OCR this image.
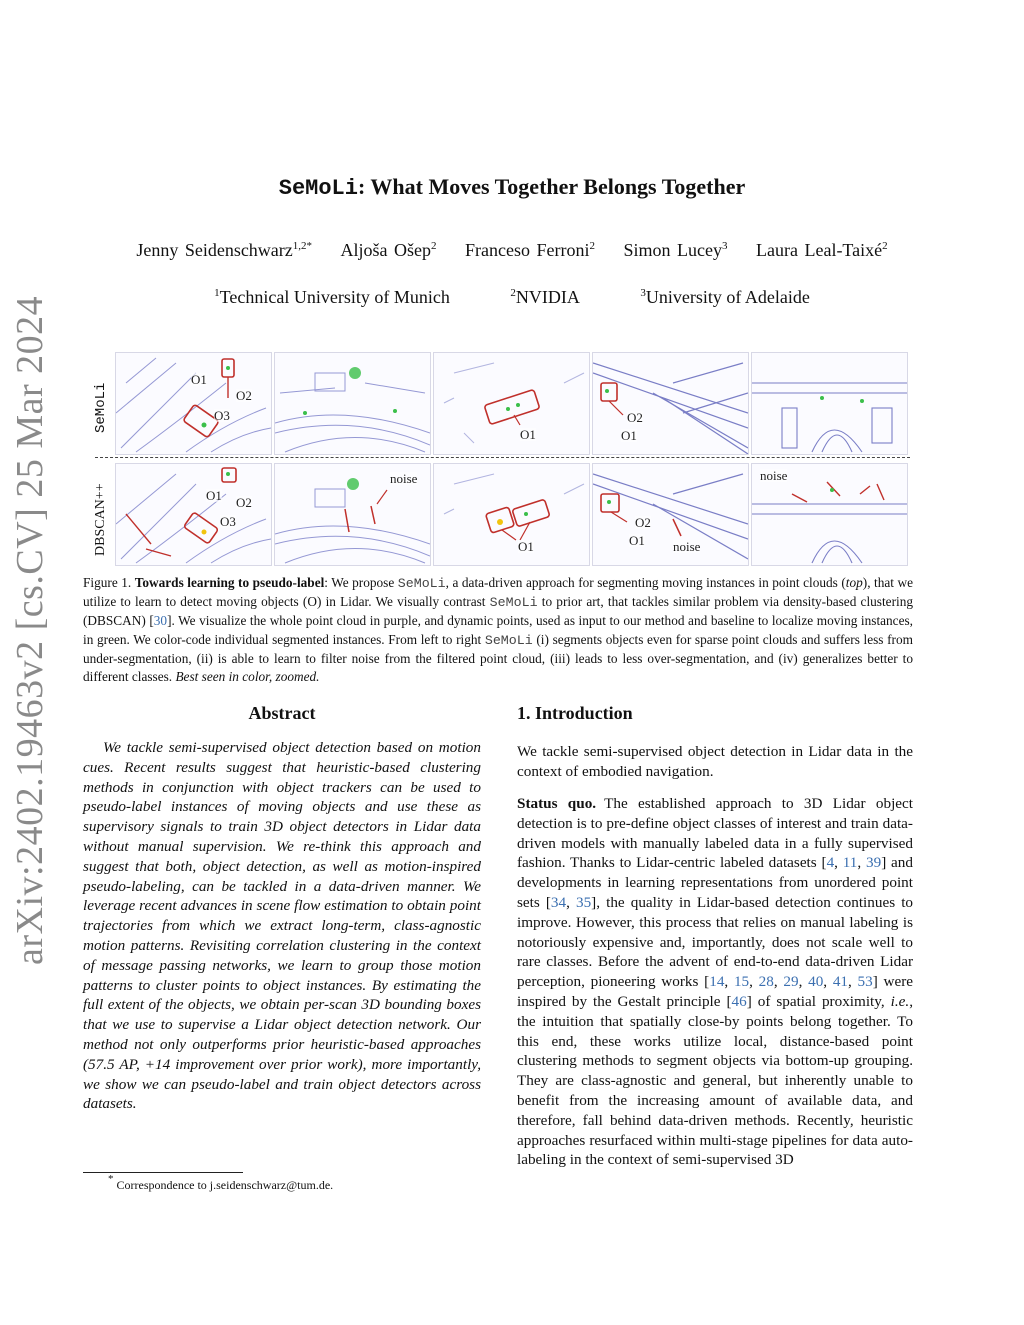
arXiv:2402.19463v2 [cs.CV] 25 Mar 2024
SeMoLi: What Moves Together Belongs Together
Jenny Seidenschwarz$^{1,2*}$ Aljoša Ošep$^2$ Franceso Ferroni$^2$ Simon Lucey$^3$ Laura Leal-Taixé$^2$
$^1$Technical University of Munich	$^2$NVIDIA	$^3$University of Adelaide
SeMoLi
DBSCAN++
O1
O2
O3
O1
O2
O1
O1 O2
O3
noise
O1
O2
O1 noise
noise
Figure 1. Towards learning to pseudo-label: We propose SeMoLi, a data-driven approach for segmenting moving instances in point clouds (top), that we utilize to learn to detect moving objects (O) in Lidar. We visually contrast SeMoLi to prior art, that tackles similar problem via density-based clustering (DBSCAN) [30]. We visualize the whole point cloud in purple, and dynamic points, used as input to our method and baseline to localize moving instances, in green. We color-code individual segmented instances. From left to right SeMoLi (i) segments objects even for sparse point clouds and suffers less from under-segmentation, (ii) is able to learn to filter noise from the filtered point cloud, (iii) leads to less over-segmentation, and (iv) generalizes better to different classes. Best seen in color, zoomed.
Abstract
We tackle semi-supervised object detection based on motion cues. Recent results suggest that heuristic-based clustering methods in conjunction with object trackers can be used to pseudo-label instances of moving objects and use these as supervisory signals to train 3D object detectors in Lidar data without manual supervision. We re-think this approach and suggest that both, object detection, as well as motion-inspired pseudo-labeling, can be tackled in a data-driven manner. We leverage recent advances in scene flow estimation to obtain point trajectories from which we extract long-term, class-agnostic motion patterns. Revisiting correlation clustering in the context of message passing networks, we learn to group those motion patterns to cluster points to object instances. By estimating the full extent of the objects, we obtain per-scan 3D bounding boxes that we use to supervise a Lidar object detection network. Our method not only outperforms prior heuristic-based approaches (57.5 AP, +14 improvement over prior work), more importantly, we show we can pseudo-label and train object detectors across datasets.
* Correspondence to j.seidenschwarz@tum.de.
1. Introduction
We tackle semi-supervised object detection in Lidar data in the context of embodied navigation.
Status quo. The established approach to 3D Lidar object detection is to pre-define object classes of interest and train data-driven models with manually labeled data in a fully supervised fashion. Thanks to Lidar-centric labeled datasets [4, 11, 39] and developments in learning representations from unordered point sets [34, 35], the quality in Lidar-based detection continues to improve. However, this process that relies on manual labeling is notoriously expensive and, importantly, does not scale well to rare classes. Before the advent of end-to-end data-driven Lidar perception, pioneering works [14, 15, 28, 29, 40, 41, 53] were inspired by the Gestalt principle [46] of spatial proximity, i.e., the intuition that spatially close-by points belong together. To this end, these works utilize local, distance-based point clustering methods to segment objects via bottom-up grouping. They are class-agnostic and general, but inherently unable to benefit from the increasing amount of available data, and therefore, fall behind data-driven methods. Recently, heuristic approaches resurfaced within multi-stage pipelines for data auto-labeling in the context of semi-supervised 3D
